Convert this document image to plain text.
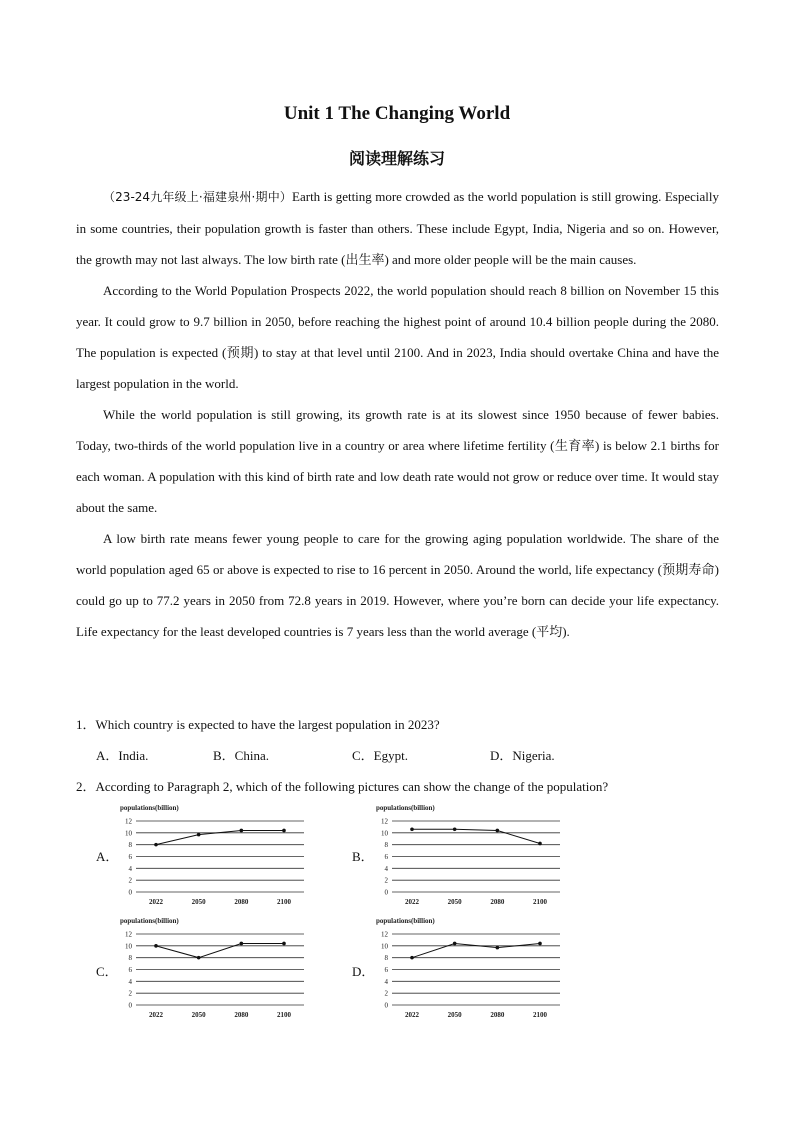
Unit 1 The Changing World
阅读理解练习

（23-24九年级上·福建泉州·期中）Earth is getting more crowded as the world population is still growing. Especially in some countries, their population growth is faster than others. These include Egypt, India, Nigeria and so on. However, the growth may not last always. The low birth rate (出生率) and more older people will be the main causes.

According to the World Population Prospects 2022, the world population should reach 8 billion on November 15 this year. It could grow to 9.7 billion in 2050, before reaching the highest point of around 10.4 billion people during the 2080. The population is expected (预期) to stay at that level until 2100. And in 2023, India should overtake China and have the largest population in the world.

While the world population is still growing, its growth rate is at its slowest since 1950 because of fewer babies. Today, two-thirds of the world population live in a country or area where lifetime fertility (生育率) is below 2.1 births for each woman. A population with this kind of birth rate and low death rate would not grow or reduce over time. It would stay about the same.

A low birth rate means fewer young people to care for the growing aging population worldwide. The share of the world population aged 65 or above is expected to rise to 16 percent in 2050. Around the world, life expectancy (预期寿命) could go up to 77.2 years in 2050 from 72.8 years in 2019. However, where you’re born can decide your life expectancy. Life expectancy for the least developed countries is 7 years less than the world average (平均).

1．Which country is expected to have the largest population in 2023?
A．India.	B．China.	C．Egypt.	D．Nigeria.
2．According to Paragraph 2, which of the following pictures can show the change of the population?
A．	B．
C．	D．
populations(billion)
0
2
4
6
8
10
12
2022	2050	2080	2100
populations(billion)
0
2
4
6
8
10
12
2022	2050	2080	2100
populations(billion)
0
2
4
6
8
10
12
2022	2050	2080	2100
populations(billion)
0
2
4
6
8
10
12
2022	2050	2080	2100
